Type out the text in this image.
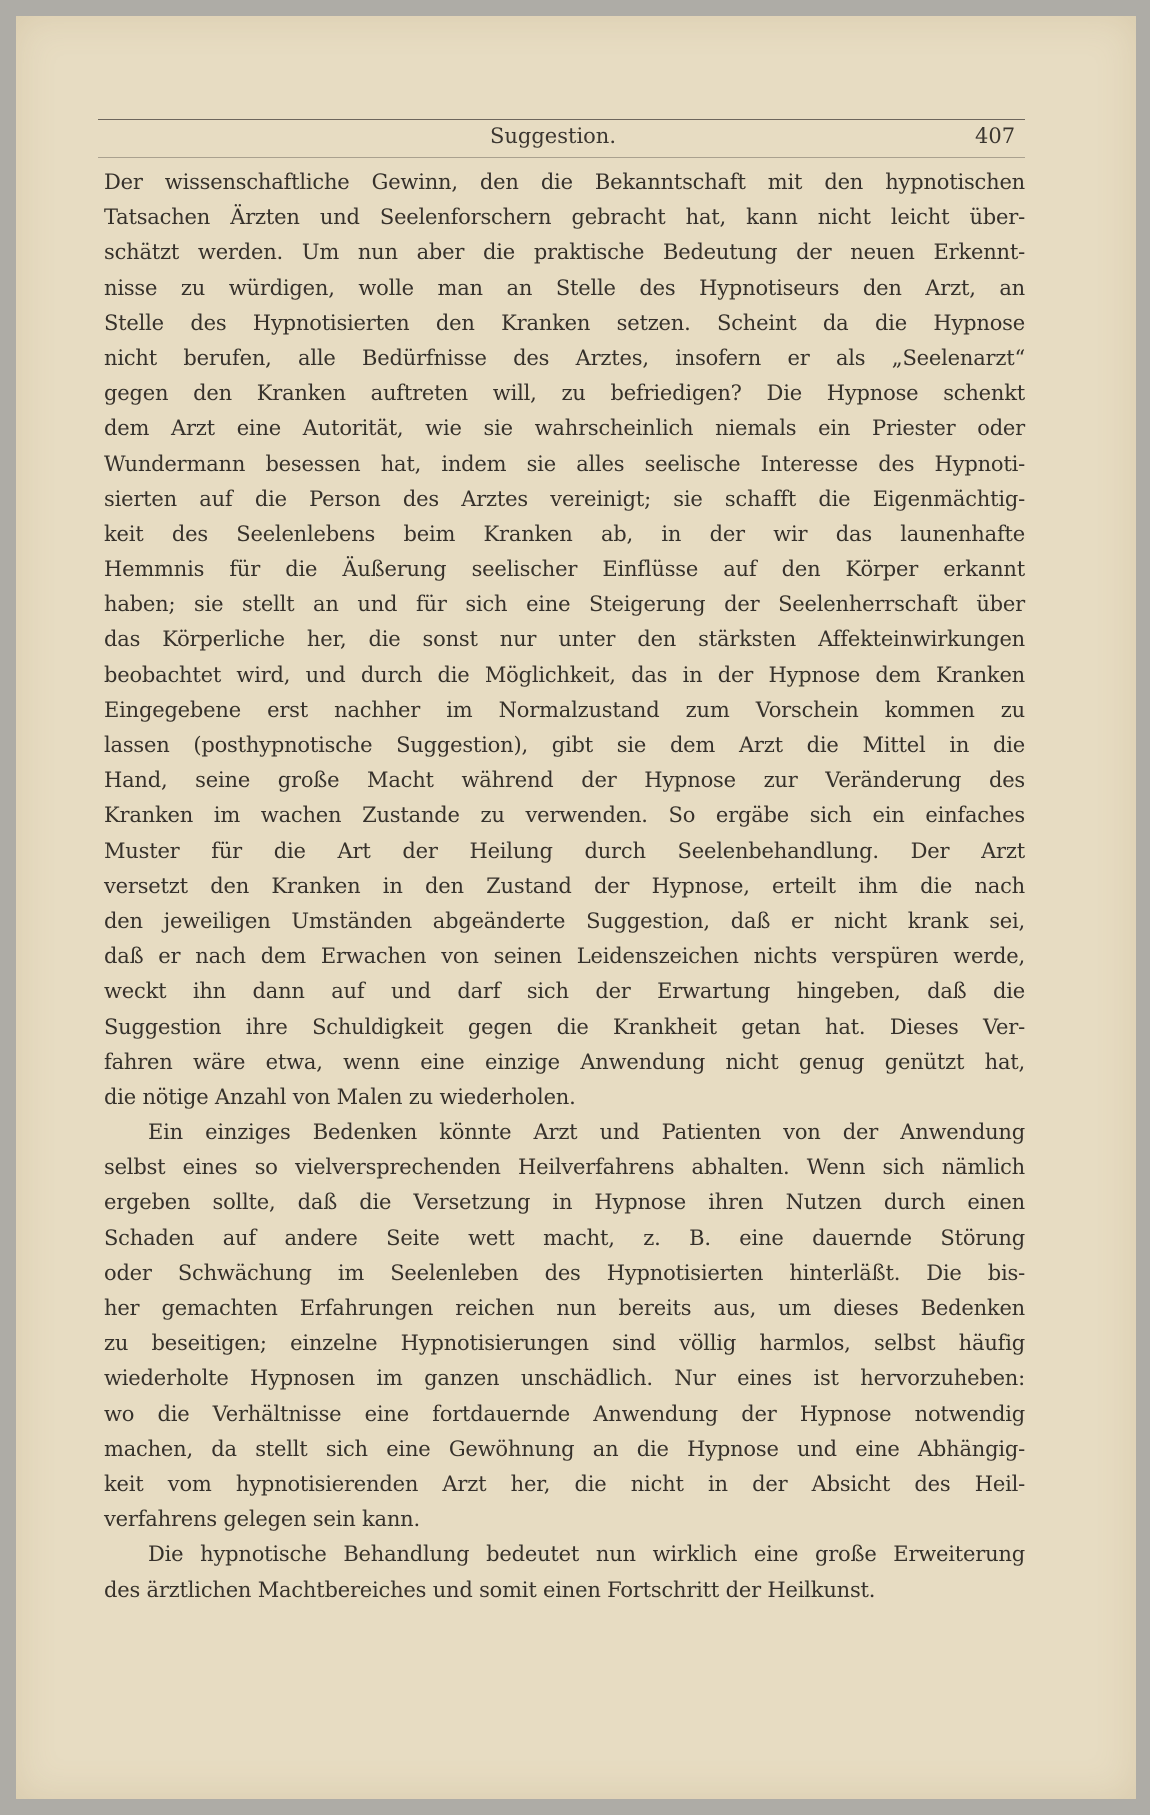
Suggestion.	407
Der wissenschaftliche Gewinn, den die Bekanntschaft mit den hypnotischen
Tatsachen Ärzten und Seelenforschern gebracht hat, kann nicht leicht über-
schätzt werden. Um nun aber die praktische Bedeutung der neuen Erkennt-
nisse zu würdigen, wolle man an Stelle des Hypnotiseurs den Arzt, an
Stelle des Hypnotisierten den Kranken setzen. Scheint da die Hypnose
nicht berufen, alle Bedürfnisse des Arztes, insofern er als „Seelenarzt“
gegen den Kranken auftreten will, zu befriedigen? Die Hypnose schenkt
dem Arzt eine Autorität, wie sie wahrscheinlich niemals ein Priester oder
Wundermann besessen hat, indem sie alles seelische Interesse des Hypnoti-
sierten auf die Person des Arztes vereinigt; sie schafft die Eigenmächtig-
keit des Seelenlebens beim Kranken ab, in der wir das launenhafte
Hemmnis für die Äußerung seelischer Einflüsse auf den Körper erkannt
haben; sie stellt an und für sich eine Steigerung der Seelenherrschaft über
das Körperliche her, die sonst nur unter den stärksten Affekteinwirkungen
beobachtet wird, und durch die Möglichkeit, das in der Hypnose dem Kranken
Eingegebene erst nachher im Normalzustand zum Vorschein kommen zu
lassen (posthypnotische Suggestion), gibt sie dem Arzt die Mittel in die
Hand, seine große Macht während der Hypnose zur Veränderung des
Kranken im wachen Zustande zu verwenden. So ergäbe sich ein einfaches
Muster für die Art der Heilung durch Seelenbehandlung. Der Arzt
versetzt den Kranken in den Zustand der Hypnose, erteilt ihm die nach
den jeweiligen Umständen abgeänderte Suggestion, daß er nicht krank sei,
daß er nach dem Erwachen von seinen Leidenszeichen nichts verspüren werde,
weckt ihn dann auf und darf sich der Erwartung hingeben, daß die
Suggestion ihre Schuldigkeit gegen die Krankheit getan hat. Dieses Ver-
fahren wäre etwa, wenn eine einzige Anwendung nicht genug genützt hat,
die nötige Anzahl von Malen zu wiederholen.
Ein einziges Bedenken könnte Arzt und Patienten von der Anwendung
selbst eines so vielversprechenden Heilverfahrens abhalten. Wenn sich nämlich
ergeben sollte, daß die Versetzung in Hypnose ihren Nutzen durch einen
Schaden auf andere Seite wett macht, z. B. eine dauernde Störung
oder Schwächung im Seelenleben des Hypnotisierten hinterläßt. Die bis-
her gemachten Erfahrungen reichen nun bereits aus, um dieses Bedenken
zu beseitigen; einzelne Hypnotisierungen sind völlig harmlos, selbst häufig
wiederholte Hypnosen im ganzen unschädlich. Nur eines ist hervorzuheben:
wo die Verhältnisse eine fortdauernde Anwendung der Hypnose notwendig
machen, da stellt sich eine Gewöhnung an die Hypnose und eine Abhängig-
keit vom hypnotisierenden Arzt her, die nicht in der Absicht des Heil-
verfahrens gelegen sein kann.
Die hypnotische Behandlung bedeutet nun wirklich eine große Erweiterung
des ärztlichen Machtbereiches und somit einen Fortschritt der Heilkunst.
